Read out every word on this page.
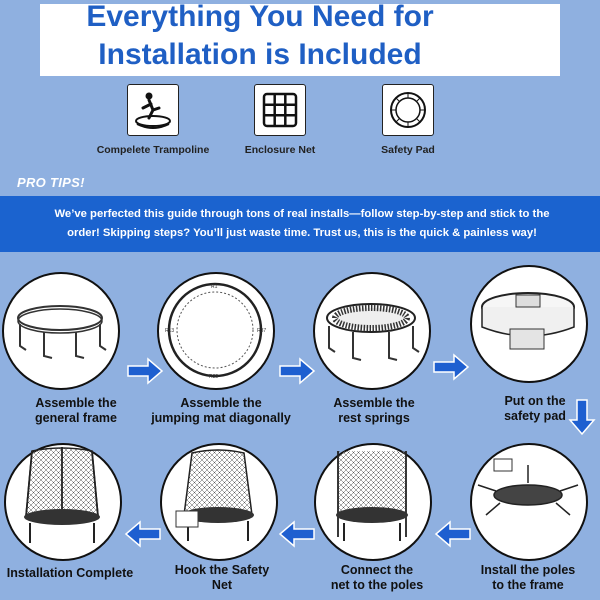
Everything You Need for
Installation is Included
Compelete Trampoline	Enclosure Net	Safety Pad
PRO TIPS!
We’ve perfected this guide through tons of real installs—follow step-by-step and stick to the
order! Skipping steps? You’ll just waste time. Trust us, this is the quick & painless way!
Assemble the
general frame
R1
R25
R13	R37
Assemble the
jumping mat diagonally
Assemble the
rest springs
Put on the
safety pad
Install the poles
to the frame
Connect the
net to the poles
Hook the Safety
Net
Installation Complete
